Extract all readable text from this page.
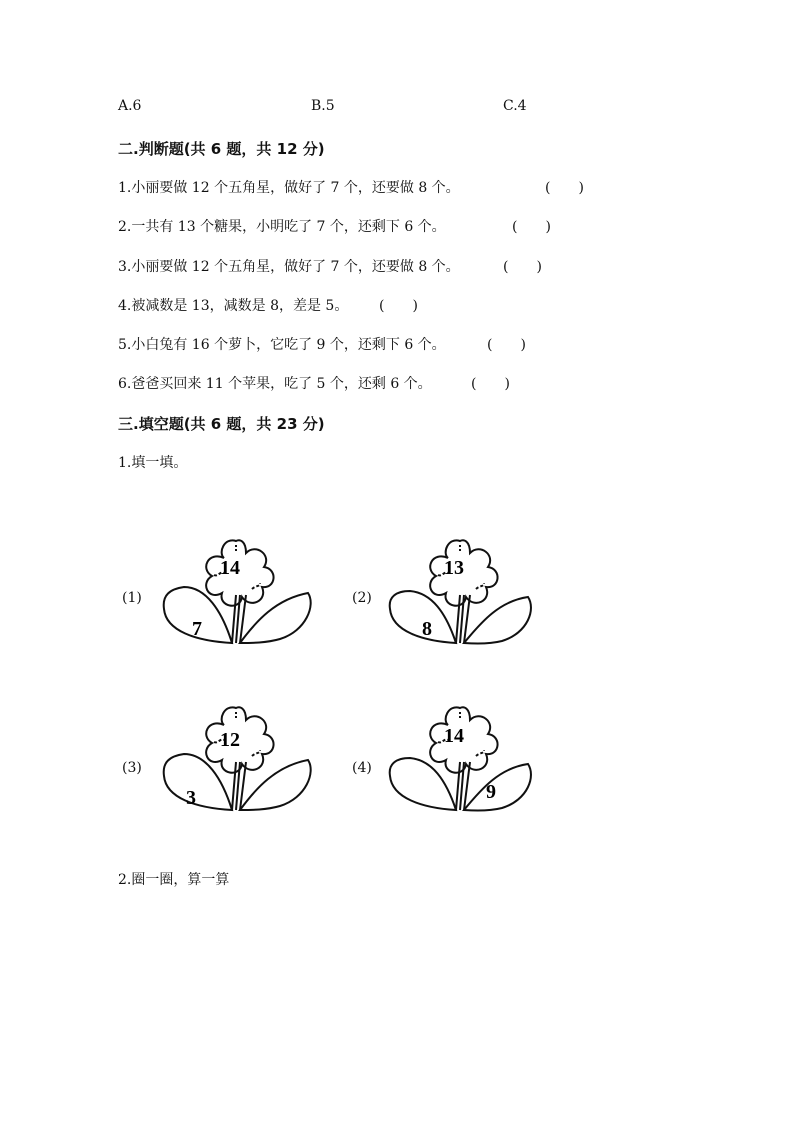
A.6	B.5	C.4
二.判断题(共 6 题，共 12 分)
1.小丽要做 12 个五角星，做好了 7 个，还要做 8 个。	(　　)
2.一共有 13 个糖果，小明吃了 7 个，还剩下 6 个。	(　　)
3.小丽要做 12 个五角星，做好了 7 个，还要做 8 个。	(　　)
4.被减数是 13，减数是 8，差是 5。 (　　)
5.小白兔有 16 个萝卜，它吃了 9 个，还剩下 6 个。	(　　)
6.爸爸买回来 11 个苹果，吃了 5 个，还剩 6 个。	(　　)
三.填空题(共 6 题，共 23 分)
1.填一填。
(1)
14
7
(2)
13
8
(3)
12
3
(4)
14
9
2.圈一圈，算一算
